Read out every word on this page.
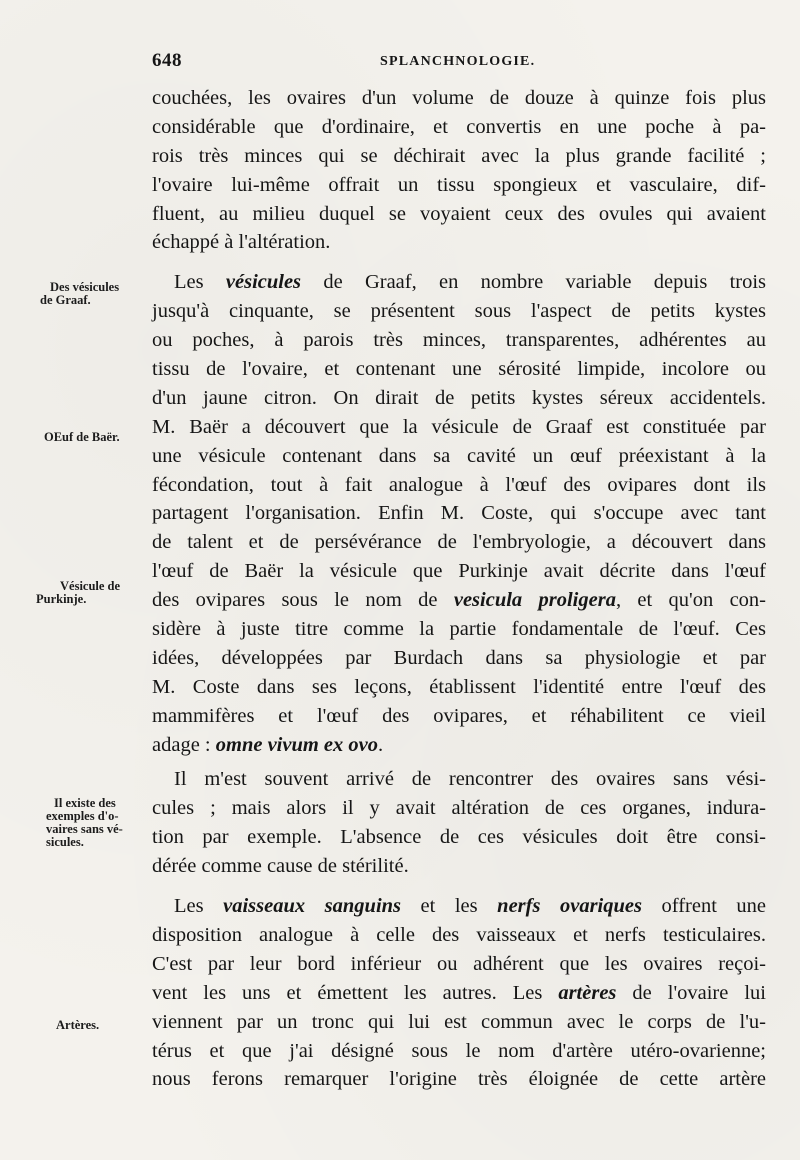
648	SPLANCHNOLOGIE.
Des vésicules
de Graaf.
OEuf de Baër.
Vésicule de
Purkinje.
Il existe des
exemples d'o-
vaires sans vé-
sicules.
Artères.
couchées, les ovaires d'un volume de douze à quinze fois plus
considérable que d'ordinaire, et convertis en une poche à pa-
rois très minces qui se déchirait avec la plus grande facilité ;
l'ovaire lui-même offrait un tissu spongieux et vasculaire, dif-
fluent, au milieu duquel se voyaient ceux des ovules qui avaient
échappé à l'altération.
Les vésicules de Graaf, en nombre variable depuis trois
jusqu'à cinquante, se présentent sous l'aspect de petits kystes
ou poches, à parois très minces, transparentes, adhérentes au
tissu de l'ovaire, et contenant une sérosité limpide, incolore ou
d'un jaune citron. On dirait de petits kystes séreux accidentels.
M. Baër a découvert que la vésicule de Graaf est constituée par
une vésicule contenant dans sa cavité un œuf préexistant à la
fécondation, tout à fait analogue à l'œuf des ovipares dont ils
partagent l'organisation. Enfin M. Coste, qui s'occupe avec tant
de talent et de persévérance de l'embryologie, a découvert dans
l'œuf de Baër la vésicule que Purkinje avait décrite dans l'œuf
des ovipares sous le nom de vesicula proligera, et qu'on con-
sidère à juste titre comme la partie fondamentale de l'œuf. Ces
idées, développées par Burdach dans sa physiologie et par
M. Coste dans ses leçons, établissent l'identité entre l'œuf des
mammifères et l'œuf des ovipares, et réhabilitent ce vieil
adage : omne vivum ex ovo.
Il m'est souvent arrivé de rencontrer des ovaires sans vési-
cules ; mais alors il y avait altération de ces organes, indura-
tion par exemple. L'absence de ces vésicules doit être consi-
dérée comme cause de stérilité.
Les vaisseaux sanguins et les nerfs ovariques offrent une
disposition analogue à celle des vaisseaux et nerfs testiculaires.
C'est par leur bord inférieur ou adhérent que les ovaires reçoi-
vent les uns et émettent les autres. Les artères de l'ovaire lui
viennent par un tronc qui lui est commun avec le corps de l'u-
térus et que j'ai désigné sous le nom d'artère utéro-ovarienne;
nous ferons remarquer l'origine très éloignée de cette artère
